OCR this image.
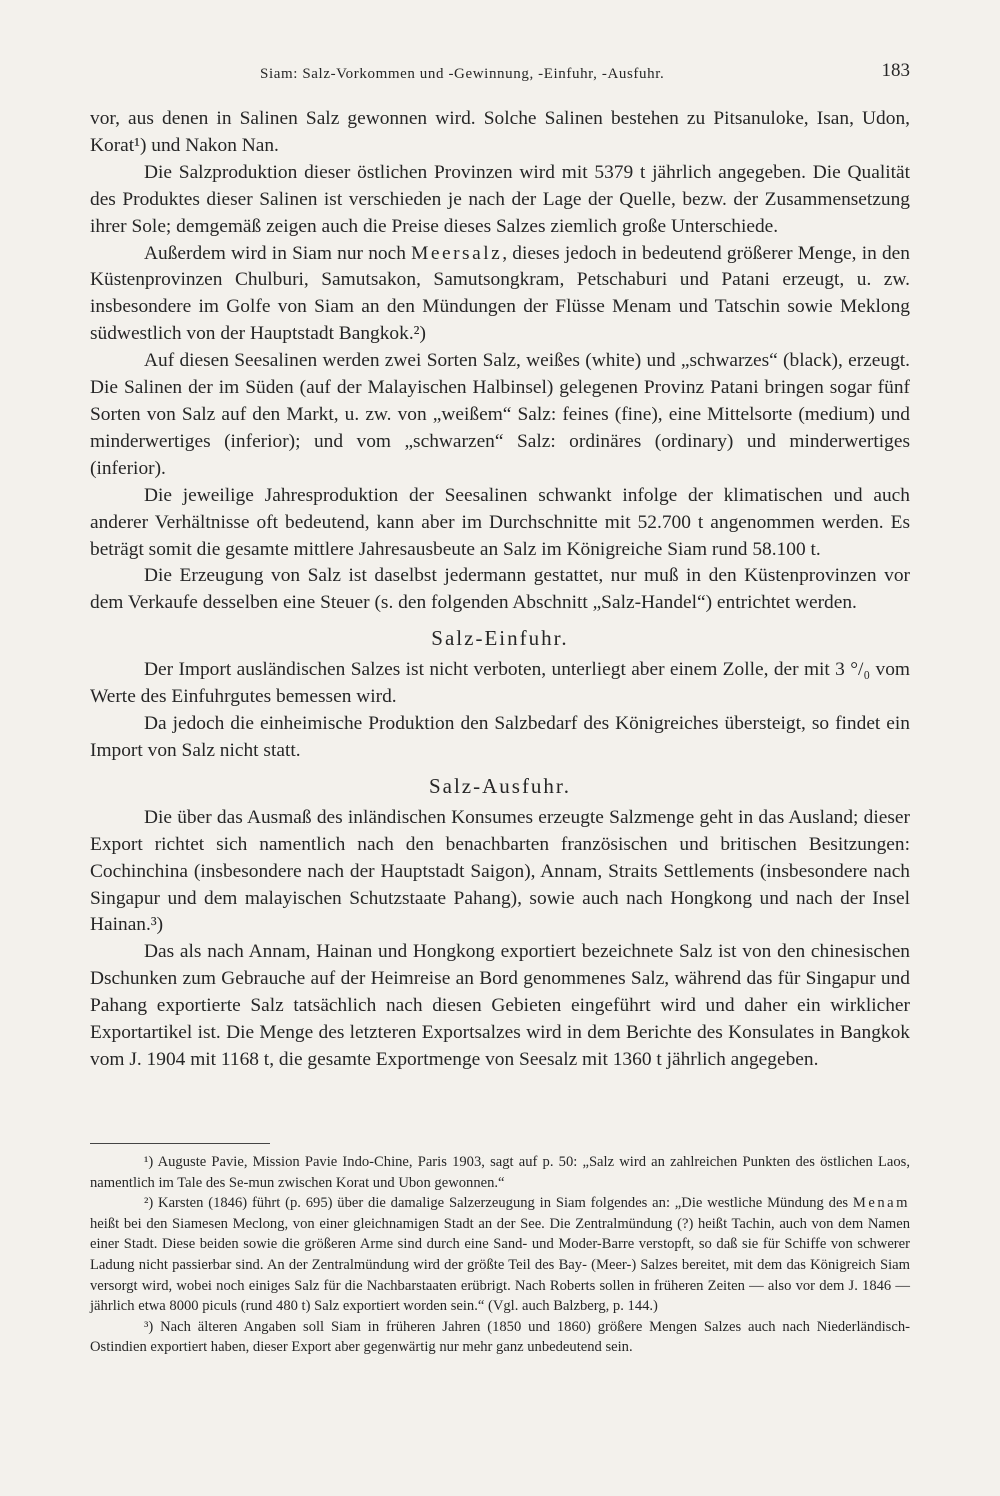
Siam: Salz-Vorkommen und -Gewinnung, -Einfuhr, -Ausfuhr.	183

vor, aus denen in Salinen Salz gewonnen wird. Solche Salinen bestehen zu Pitsanuloke, Isan, Udon, Korat¹) und Nakon Nan.

Die Salzproduktion dieser östlichen Provinzen wird mit 5379 t jährlich angegeben. Die Qualität des Produktes dieser Salinen ist verschieden je nach der Lage der Quelle, bezw. der Zusammensetzung ihrer Sole; demgemäß zeigen auch die Preise dieses Salzes ziemlich große Unterschiede.

Außerdem wird in Siam nur noch Meersalz, dieses jedoch in bedeutend größerer Menge, in den Küstenprovinzen Chulburi, Samutsakon, Samutsongkram, Petschaburi und Patani erzeugt, u. zw. insbesondere im Golfe von Siam an den Mündungen der Flüsse Menam und Tatschin sowie Meklong südwestlich von der Hauptstadt Bangkok.²)

Auf diesen Seesalinen werden zwei Sorten Salz, weißes (white) und „schwarzes“ (black), erzeugt. Die Salinen der im Süden (auf der Malayischen Halbinsel) gelegenen Provinz Patani bringen sogar fünf Sorten von Salz auf den Markt, u. zw. von „weißem“ Salz: feines (fine), eine Mittelsorte (medium) und minderwertiges (inferior); und vom „schwarzen“ Salz: ordinäres (ordinary) und minderwertiges (inferior).

Die jeweilige Jahresproduktion der Seesalinen schwankt infolge der klimatischen und auch anderer Verhältnisse oft bedeutend, kann aber im Durchschnitte mit 52.700 t angenommen werden. Es beträgt somit die gesamte mittlere Jahresausbeute an Salz im Königreiche Siam rund 58.100 t.

Die Erzeugung von Salz ist daselbst jedermann gestattet, nur muß in den Küstenprovinzen vor dem Verkaufe desselben eine Steuer (s. den folgenden Abschnitt „Salz-Handel“) entrichtet werden.

Salz-Einfuhr.

Der Import ausländischen Salzes ist nicht verboten, unterliegt aber einem Zolle, der mit 3 °/₀ vom Werte des Einfuhrgutes bemessen wird.

Da jedoch die einheimische Produktion den Salzbedarf des Königreiches übersteigt, so findet ein Import von Salz nicht statt.

Salz-Ausfuhr.

Die über das Ausmaß des inländischen Konsumes erzeugte Salzmenge geht in das Ausland; dieser Export richtet sich namentlich nach den benachbarten französischen und britischen Besitzungen: Cochinchina (insbesondere nach der Hauptstadt Saigon), Annam, Straits Settlements (insbesondere nach Singapur und dem malayischen Schutzstaate Pahang), sowie auch nach Hongkong und nach der Insel Hainan.³)

Das als nach Annam, Hainan und Hongkong exportiert bezeichnete Salz ist von den chinesischen Dschunken zum Gebrauche auf der Heimreise an Bord genommenes Salz, während das für Singapur und Pahang exportierte Salz tatsächlich nach diesen Gebieten eingeführt wird und daher ein wirklicher Exportartikel ist. Die Menge des letzteren Exportsalzes wird in dem Berichte des Konsulates in Bangkok vom J. 1904 mit 1168 t, die gesamte Exportmenge von Seesalz mit 1360 t jährlich angegeben.

¹) Auguste Pavie, Mission Pavie Indo-Chine, Paris 1903, sagt auf p. 50: „Salz wird an zahlreichen Punkten des östlichen Laos, namentlich im Tale des Se-mun zwischen Korat und Ubon gewonnen.“

²) Karsten (1846) führt (p. 695) über die damalige Salzerzeugung in Siam folgendes an: „Die westliche Mündung des Menam heißt bei den Siamesen Meclong, von einer gleichnamigen Stadt an der See. Die Zentralmündung (?) heißt Tachin, auch von dem Namen einer Stadt. Diese beiden sowie die größeren Arme sind durch eine Sand- und Moder-Barre verstopft, so daß sie für Schiffe von schwerer Ladung nicht passierbar sind. An der Zentralmündung wird der größte Teil des Bay- (Meer-) Salzes bereitet, mit dem das Königreich Siam versorgt wird, wobei noch einiges Salz für die Nachbarstaaten erübrigt. Nach Roberts sollen in früheren Zeiten — also vor dem J. 1846 — jährlich etwa 8000 piculs (rund 480 t) Salz exportiert worden sein.“ (Vgl. auch Balzberg, p. 144.)

³) Nach älteren Angaben soll Siam in früheren Jahren (1850 und 1860) größere Mengen Salzes auch nach Niederländisch-Ostindien exportiert haben, dieser Export aber gegenwärtig nur mehr ganz unbedeutend sein.
